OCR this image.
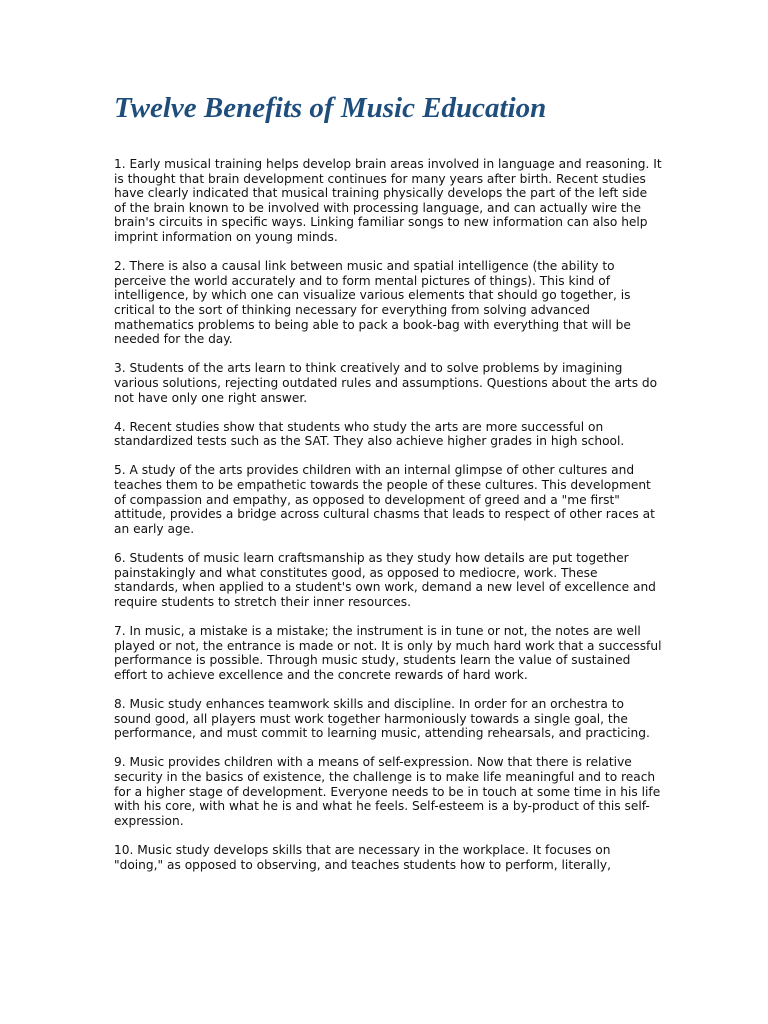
Twelve Benefits of Music Education

1. Early musical training helps develop brain areas involved in language and reasoning. It is thought that brain development continues for many years after birth. Recent studies have clearly indicated that musical training physically develops the part of the left side of the brain known to be involved with processing language, and can actually wire the brain's circuits in specific ways. Linking familiar songs to new information can also help imprint information on young minds.

2. There is also a causal link between music and spatial intelligence (the ability to perceive the world accurately and to form mental pictures of things). This kind of intelligence, by which one can visualize various elements that should go together, is critical to the sort of thinking necessary for everything from solving advanced mathematics problems to being able to pack a book-bag with everything that will be needed for the day.

3. Students of the arts learn to think creatively and to solve problems by imagining various solutions, rejecting outdated rules and assumptions. Questions about the arts do not have only one right answer.

4. Recent studies show that students who study the arts are more successful on standardized tests such as the SAT. They also achieve higher grades in high school.

5. A study of the arts provides children with an internal glimpse of other cultures and teaches them to be empathetic towards the people of these cultures. This development of compassion and empathy, as opposed to development of greed and a "me first" attitude, provides a bridge across cultural chasms that leads to respect of other races at an early age.

6. Students of music learn craftsmanship as they study how details are put together painstakingly and what constitutes good, as opposed to mediocre, work. These standards, when applied to a student's own work, demand a new level of excellence and require students to stretch their inner resources.

7. In music, a mistake is a mistake; the instrument is in tune or not, the notes are well played or not, the entrance is made or not. It is only by much hard work that a successful performance is possible. Through music study, students learn the value of sustained effort to achieve excellence and the concrete rewards of hard work.

8. Music study enhances teamwork skills and discipline. In order for an orchestra to sound good, all players must work together harmoniously towards a single goal, the performance, and must commit to learning music, attending rehearsals, and practicing.

9. Music provides children with a means of self-expression. Now that there is relative security in the basics of existence, the challenge is to make life meaningful and to reach for a higher stage of development. Everyone needs to be in touch at some time in his life with his core, with what he is and what he feels. Self-esteem is a by-product of this self-expression.

10. Music study develops skills that are necessary in the workplace. It focuses on "doing," as opposed to observing, and teaches students how to perform, literally,
